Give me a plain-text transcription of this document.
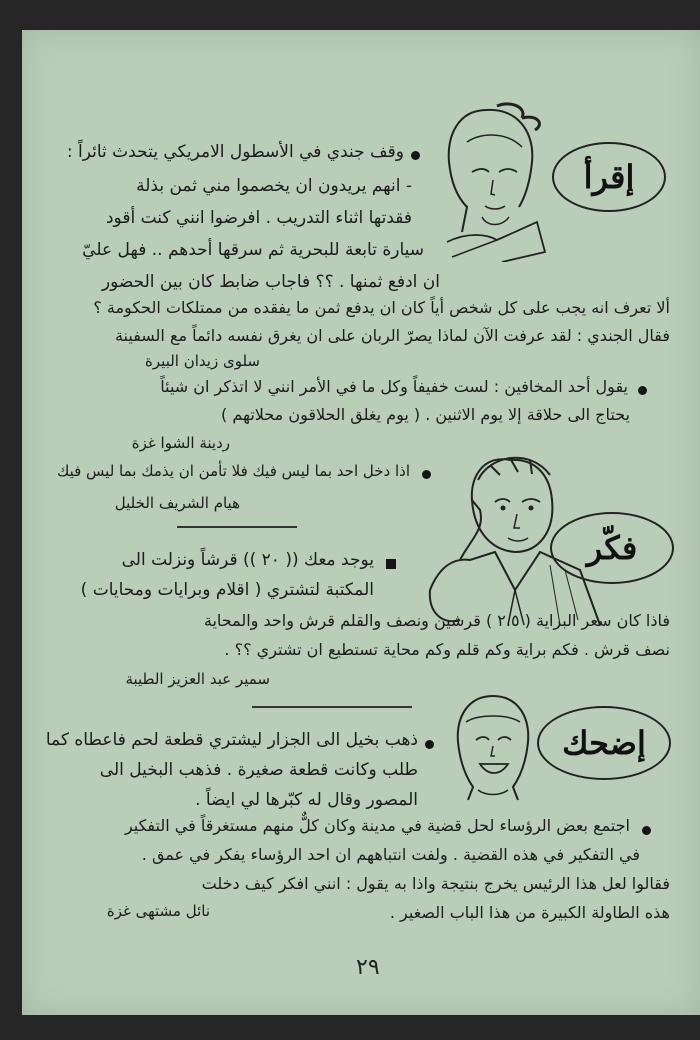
إقرأ
وقف جندي في الأسطول الامريكي يتحدث ثائراً :
- انهم يريدون ان يخصموا مني ثمن بذلة
فقدتها اثناء التدريب . افرضوا انني كنت أقود
سيارة تابعة للبحرية ثم سرقها أحدهم .. فهل عليّ
ان ادفع ثمنها . ؟؟ فاجاب ضابط كان بين الحضور
ألا تعرف انه يجب على كل شخص أياً كان ان يدفع ثمن ما يفقده من ممتلكات الحكومة ؟
فقال الجندي : لقد عرفت الآن لماذا يصرّ الربان على ان يغرق نفسه دائماً مع السفينة
سلوى زيدان البيرة
يقول أحد المخافين : لست خفيفاً وكل ما في الأمر انني لا اتذكر ان شيئاً
يحتاج الى حلاقة إلا يوم الاثنين . ( يوم يغلق الحلاقون محلاتهم )
ردينة الشوا غزة
اذا دخل احد بما ليس فيك فلا تأمن ان يذمك بما ليس فيك
هيام الشريف الخليل
فكّر
يوجد معك (( ٢٠ )) قرشاً ونزلت الى
المكتبة لتشتري ( اقلام وبرايات ومحايات )
فاذا كان سعر البراية ( ٢.٥ ) قرشين ونصف والقلم قرش واحد والمحاية
نصف قرش . فكم براية وكم قلم وكم محاية تستطيع ان تشتري ؟؟ .
سمير عبد العزيز الطيبة
إضحك
ذهب بخيل الى الجزار ليشتري قطعة لحم فاعطاه كما
طلب وكانت قطعة صغيرة . فذهب البخيل الى
المصور وقال له كبّرها لي ايضاً .
اجتمع بعض الرؤساء لحل قضية في مدينة وكان كلٌّ منهم مستغرقاً في التفكير
في التفكير في هذه القضية . ولفت انتباههم ان احد الرؤساء يفكر في عمق .
فقالوا لعل هذا الرئيس يخرج بنتيجة واذا به يقول : انني افكر كيف دخلت
هذه الطاولة الكبيرة من هذا الباب الصغير .
نائل مشتهى غزة
٢٩
